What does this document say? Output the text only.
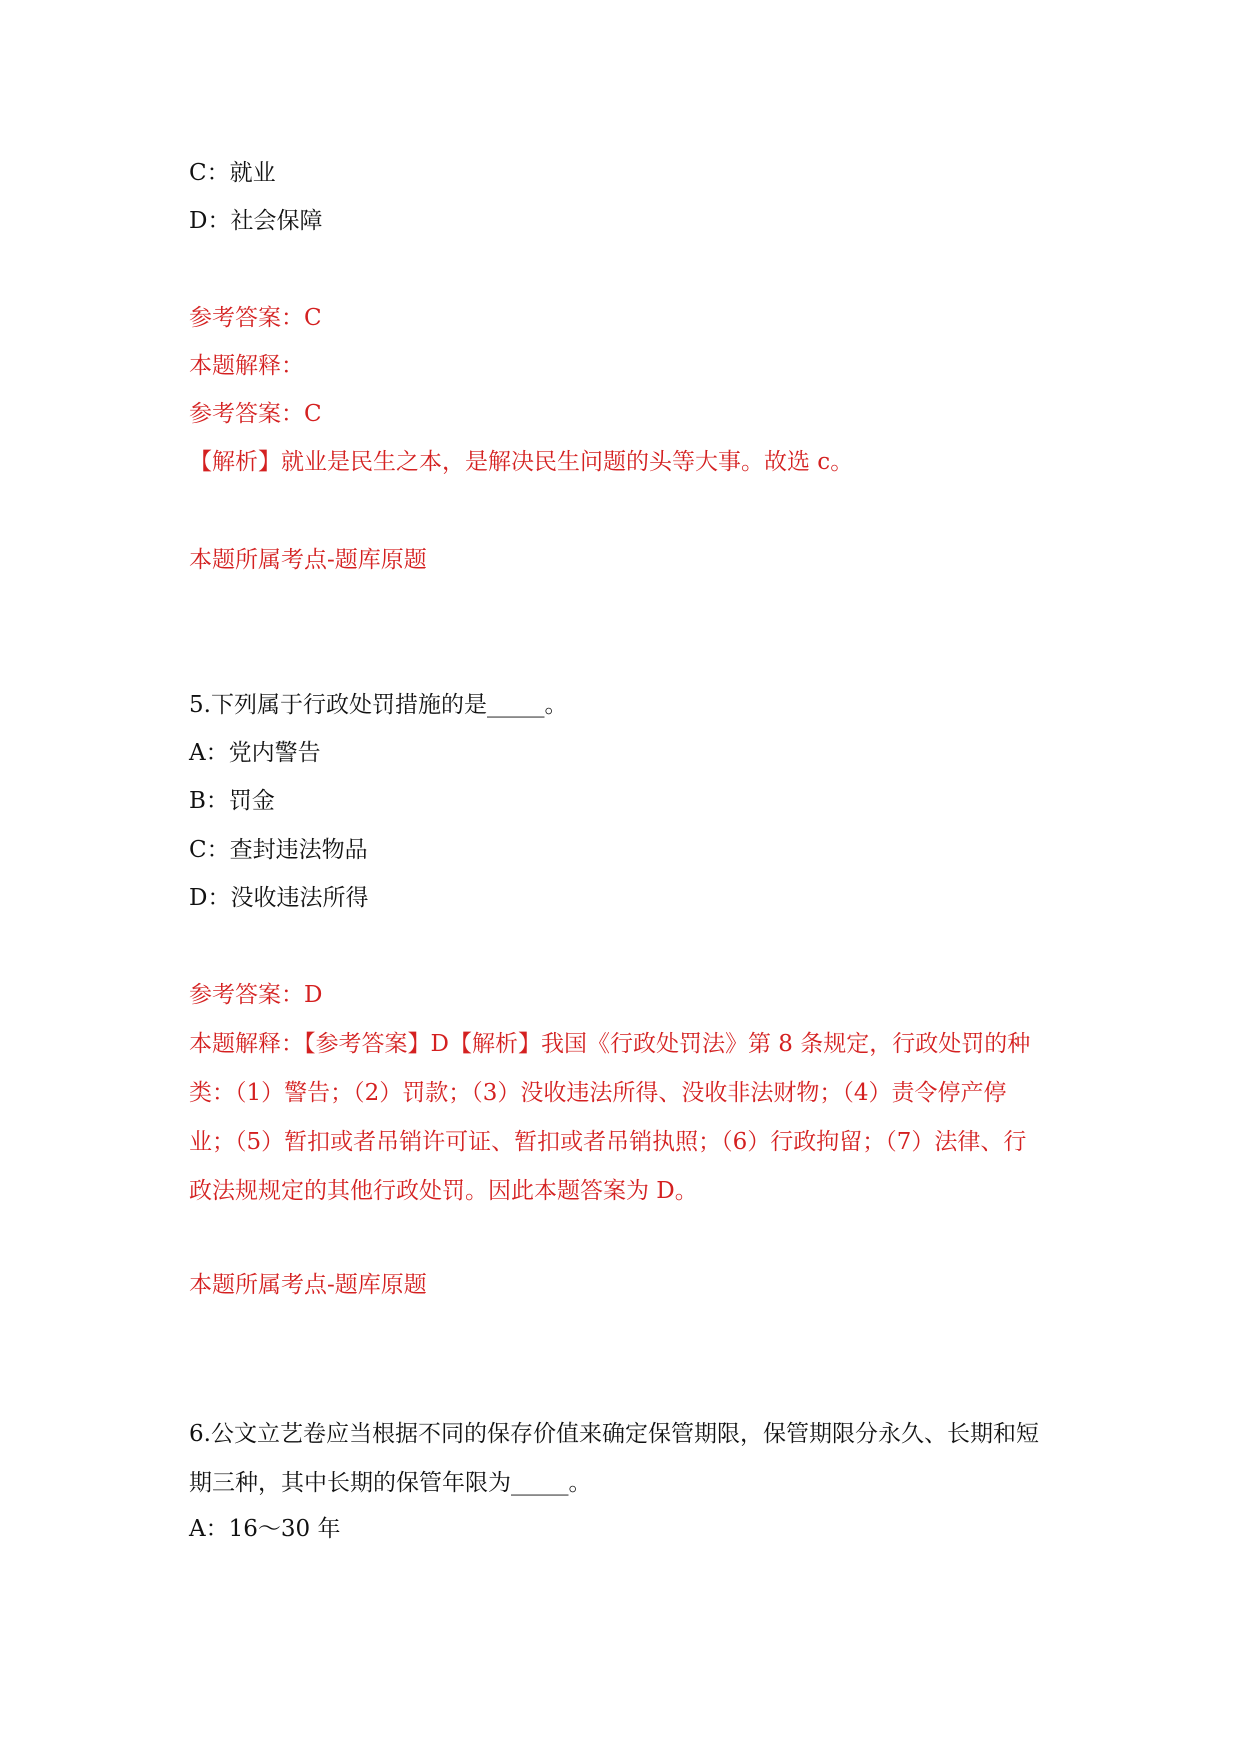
C：就业
D：社会保障
参考答案：C
本题解释：
参考答案：C
【解析】就业是民生之本，是解决民生问题的头等大事。故选 c。
本题所属考点-题库原题
5.下列属于行政处罚措施的是_____。
A：党内警告
B：罚金
C：查封违法物品
D：没收违法所得
参考答案：D
本题解释：【参考答案】D【解析】我国《行政处罚法》第 8 条规定，行政处罚的种类：（1）警告；（2）罚款；（3）没收违法所得、没收非法财物；（4）责令停产停业；（5）暂扣或者吊销许可证、暂扣或者吊销执照；（6）行政拘留；（7）法律、行政法规规定的其他行政处罚。因此本题答案为 D。
本题所属考点-题库原题
6.公文立艺卷应当根据不同的保存价值来确定保管期限，保管期限分永久、长期和短期三种，其中长期的保管年限为_____。
A：16～30 年
